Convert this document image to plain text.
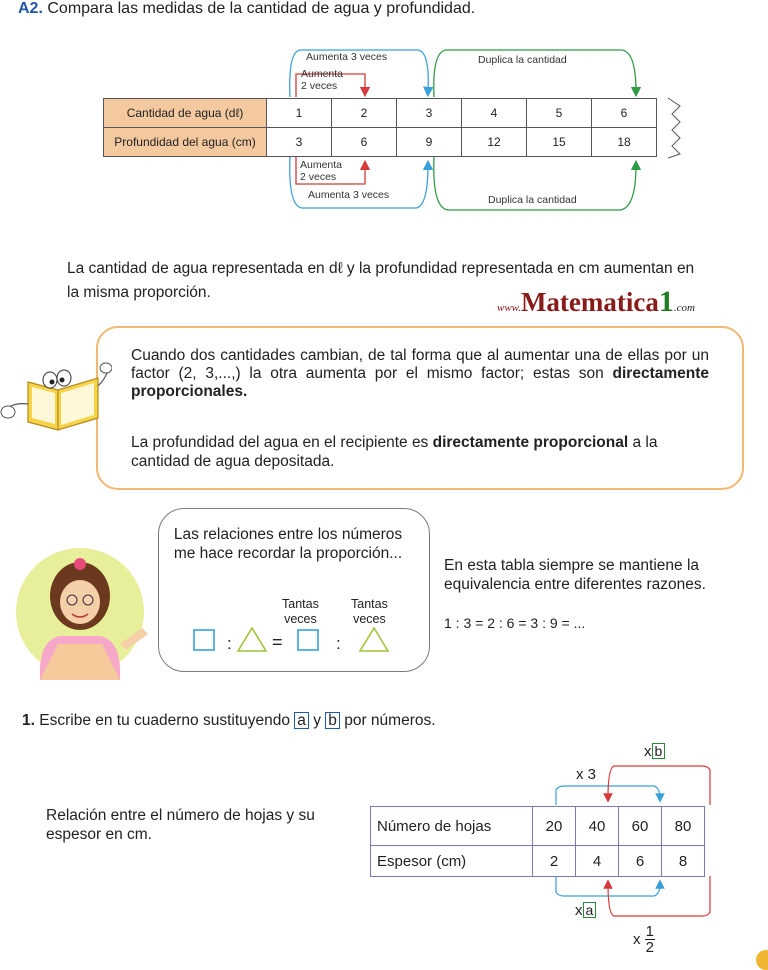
A2. Compara las medidas de la cantidad de agua y profundidad.
Aumenta 3 veces
Aumenta
2 veces
Duplica la cantidad
Aumenta
2 veces
Aumenta 3 veces	Duplica la cantidad
Cantidad de agua (dℓ)	1	2	3	4	5	6
Profundidad del agua (cm)	3	6	9	12	15	18
La cantidad de agua representada en dℓ y la profundidad representada en cm aumentan en la misma proporción.
www.Matematica1.com
Cuando dos cantidades cambian, de tal forma que al aumentar una de ellas por un factor (2, 3,...,) la otra aumenta por el mismo factor; estas son directamente proporcionales.
La profundidad del agua en el recipiente es directamente proporcional a la cantidad de agua depositada.
Las relaciones entre los números me hace recordar la proporción...
Tantas
veces
Tantas
veces
: =	:
En esta tabla siempre se mantiene la equivalencia entre diferentes razones.
1 : 3 = 2 : 6 = 3 : 9 = ...
1. Escribe en tu cuaderno sustituyendo a y b por números.
Relación entre el número de hojas y su espesor en cm.
x b
x 3
x a
x $\frac{1}{2}$
Número de hojas	20	40	60	80
Espesor (cm)	2	4	6	8
